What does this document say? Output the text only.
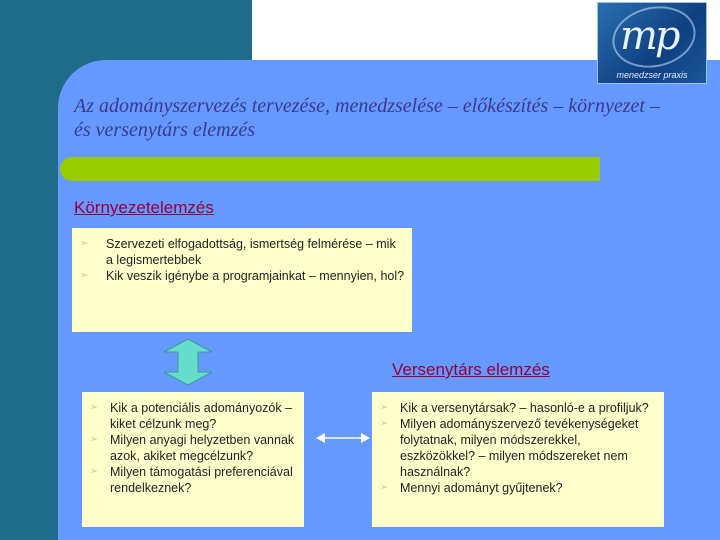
mp
menedzser praxis
Az adományszervezés tervezése, menedzselése – előkészítés – környezet – és versenytárs elemzés
Környezetelemzés
➢ Szervezeti elfogadottság, ismertség felmérése – mik a legismertebbek
➢ Kik veszik igénybe a programjainkat – mennyien, hol?
Versenytárs elemzés
➢ Kik a potenciális adományozók – kiket célzunk meg?
➢ Milyen anyagi helyzetben vannak azok, akiket megcélzunk?
➢ Milyen támogatási preferenciával rendelkeznek?
➢ Kik a versenytársak? – hasonló-e a profiljuk?
➢ Milyen adományszervező tevékenységeket folytatnak, milyen módszerekkel, eszközökkel? – milyen módszereket nem használnak?
➢ Mennyi adományt gyűjtenek?
